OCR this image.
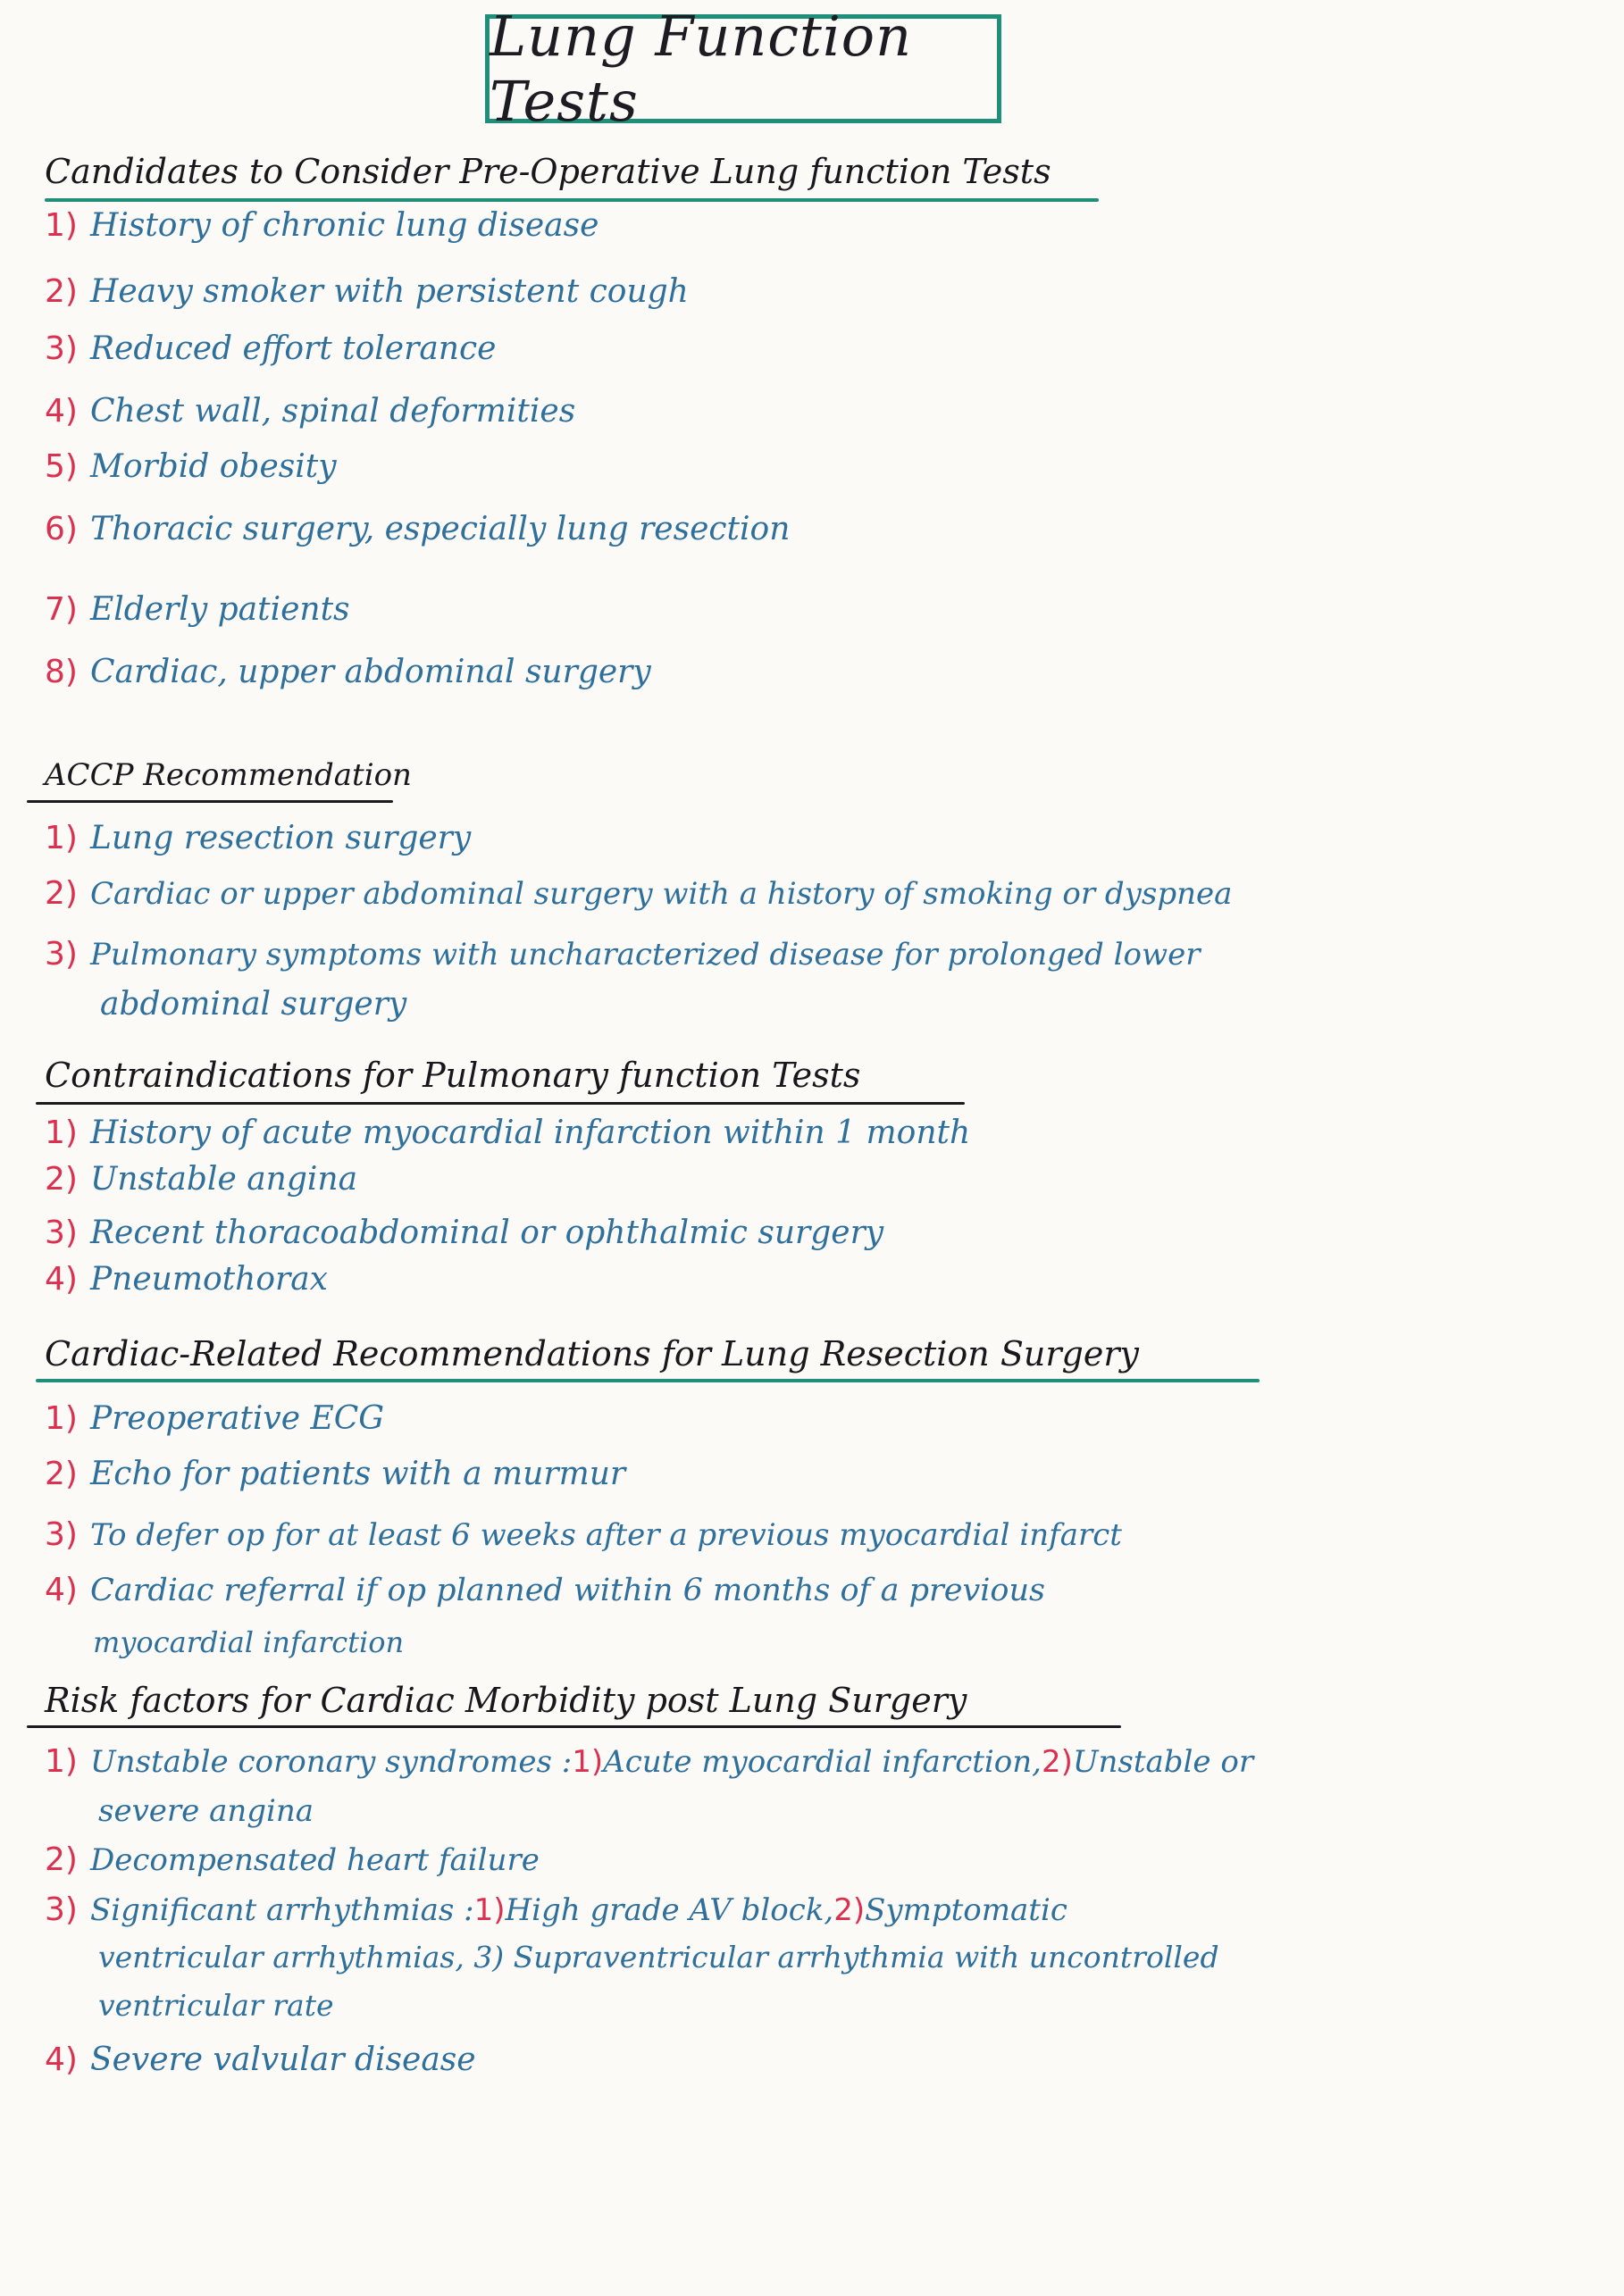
Lung Function Tests
Candidates to Consider Pre-Operative Lung function Tests
1) History of chronic lung disease
2) Heavy smoker with persistent cough
3) Reduced effort tolerance
4) Chest wall, spinal deformities
5) Morbid obesity
6) Thoracic surgery, especially lung resection
7) Elderly patients
8) Cardiac, upper abdominal surgery
ACCP Recommendation
1) Lung resection surgery
2) Cardiac or upper abdominal surgery with a history of smoking or dyspnea
3) Pulmonary symptoms with uncharacterized disease for prolonged lower
abdominal surgery
Contraindications for Pulmonary function Tests
1) History of acute myocardial infarction within 1 month
2) Unstable angina
3) Recent thoracoabdominal or ophthalmic surgery
4) Pneumothorax
Cardiac-Related Recommendations for Lung Resection Surgery
1) Preoperative ECG
2) Echo for patients with a murmur
3) To defer op for at least 6 weeks after a previous myocardial infarct
4) Cardiac referral if op planned within 6 months of a previous
myocardial infarction
Risk factors for Cardiac Morbidity post Lung Surgery
1) Unstable coronary syndromes : 1) Acute myocardial infarction, 2) Unstable or
severe angina
2) Decompensated heart failure
3) Significant arrhythmias : 1) High grade AV block, 2) Symptomatic
ventricular arrhythmias, 3) Supraventricular arrhythmia with uncontrolled
ventricular rate
4) Severe valvular disease
